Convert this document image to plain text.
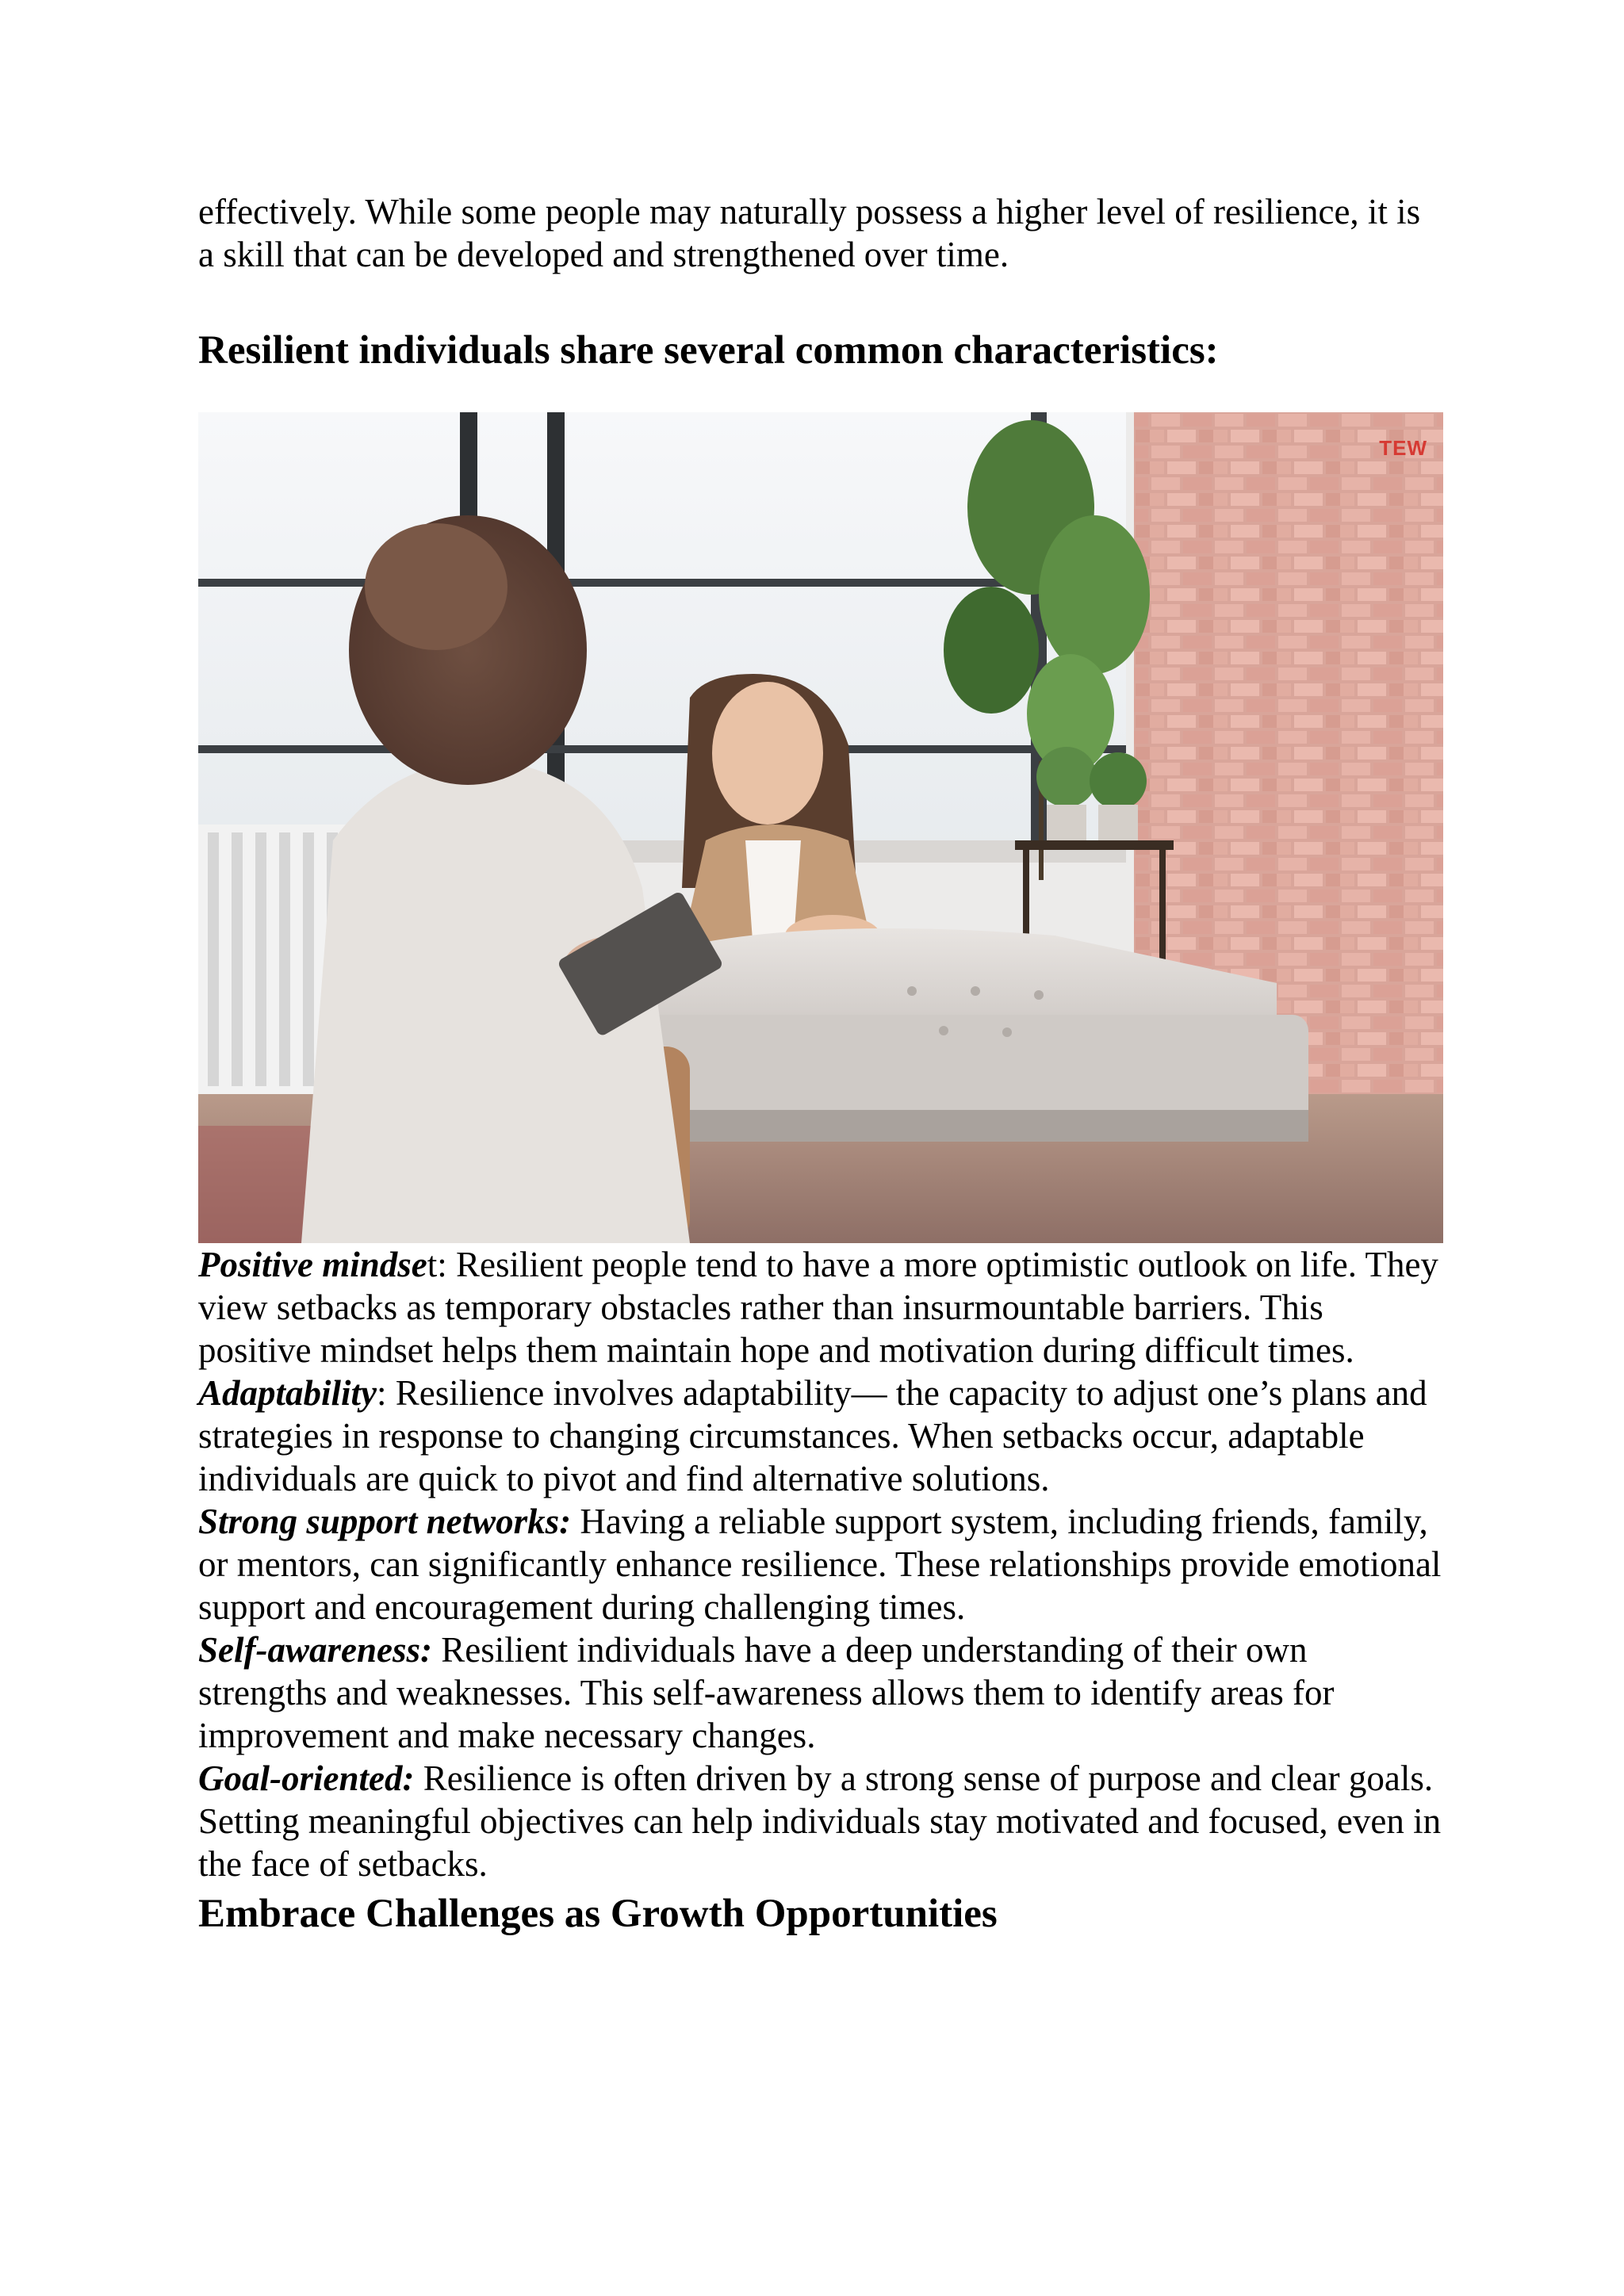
effectively. While some people may naturally possess a higher level of resilience, it is a skill that can be developed and strengthened over time.

Resilient individuals share several common characteristics:
TEW
Positive mindset: Resilient people tend to have a more optimistic outlook on life. They view setbacks as temporary obstacles rather than insurmountable barriers. This positive mindset helps them maintain hope and motivation during difficult times.
Adaptability: Resilience involves adaptability— the capacity to adjust one’s plans and strategies in response to changing circumstances. When setbacks occur, adaptable individuals are quick to pivot and find alternative solutions.
Strong support networks: Having a reliable support system, including friends, family, or mentors, can significantly enhance resilience. These relationships provide emotional support and encouragement during challenging times.
Self-awareness: Resilient individuals have a deep understanding of their own strengths and weaknesses. This self-awareness allows them to identify areas for improvement and make necessary changes.
Goal-oriented: Resilience is often driven by a strong sense of purpose and clear goals. Setting meaningful objectives can help individuals stay motivated and focused, even in the face of setbacks.
Embrace Challenges as Growth Opportunities
